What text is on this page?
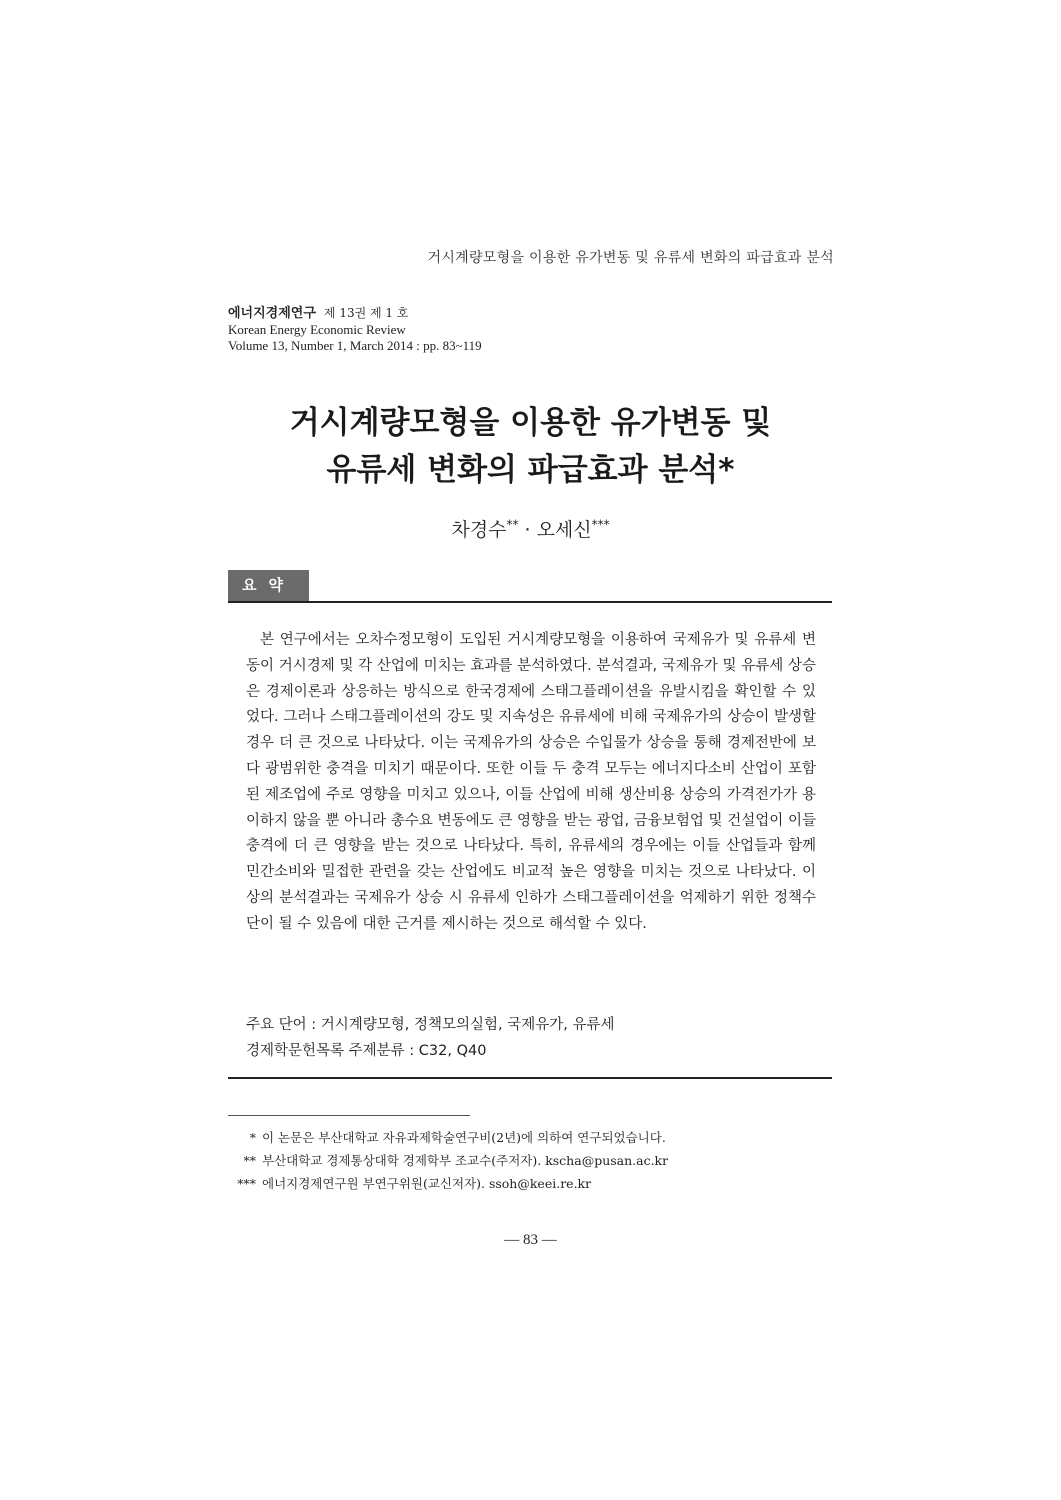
거시계량모형을 이용한 유가변동 및 유류세 변화의 파급효과 분석
에너지경제연구 제 13권 제 1 호
Korean Energy Economic Review
Volume 13, Number 1, March 2014 : pp. 83~119
거시계량모형을 이용한 유가변동 및
유류세 변화의 파급효과 분석*
차경수** · 오세신***
요약

본 연구에서는 오차수정모형이 도입된 거시계량모형을 이용하여 국제유가 및 유류세 변동이 거시경제 및 각 산업에 미치는 효과를 분석하였다. 분석결과, 국제유가 및 유류세 상승은 경제이론과 상응하는 방식으로 한국경제에 스태그플레이션을 유발시킴을 확인할 수 있었다. 그러나 스태그플레이션의 강도 및 지속성은 유류세에 비해 국제유가의 상승이 발생할 경우 더 큰 것으로 나타났다. 이는 국제유가의 상승은 수입물가 상승을 통해 경제전반에 보다 광범위한 충격을 미치기 때문이다. 또한 이들 두 충격 모두는 에너지다소비 산업이 포함된 제조업에 주로 영향을 미치고 있으나, 이들 산업에 비해 생산비용 상승의 가격전가가 용이하지 않을 뿐 아니라 총수요 변동에도 큰 영향을 받는 광업, 금융보험업 및 건설업이 이들 충격에 더 큰 영향을 받는 것으로 나타났다. 특히, 유류세의 경우에는 이들 산업들과 함께 민간소비와 밀접한 관련을 갖는 산업에도 비교적 높은 영향을 미치는 것으로 나타났다. 이상의 분석결과는 국제유가 상승 시 유류세 인하가 스태그플레이션을 억제하기 위한 정책수단이 될 수 있음에 대한 근거를 제시하는 것으로 해석할 수 있다.

주요 단어 : 거시계량모형, 정책모의실험, 국제유가, 유류세
경제학문헌목록 주제분류 : C32, Q40
* 이 논문은 부산대학교 자유과제학술연구비(2년)에 의하여 연구되었습니다.
** 부산대학교 경제통상대학 경제학부 조교수(주저자). kscha@pusan.ac.kr
*** 에너지경제연구원 부연구위원(교신저자). ssoh@keei.re.kr
― 83 ―
